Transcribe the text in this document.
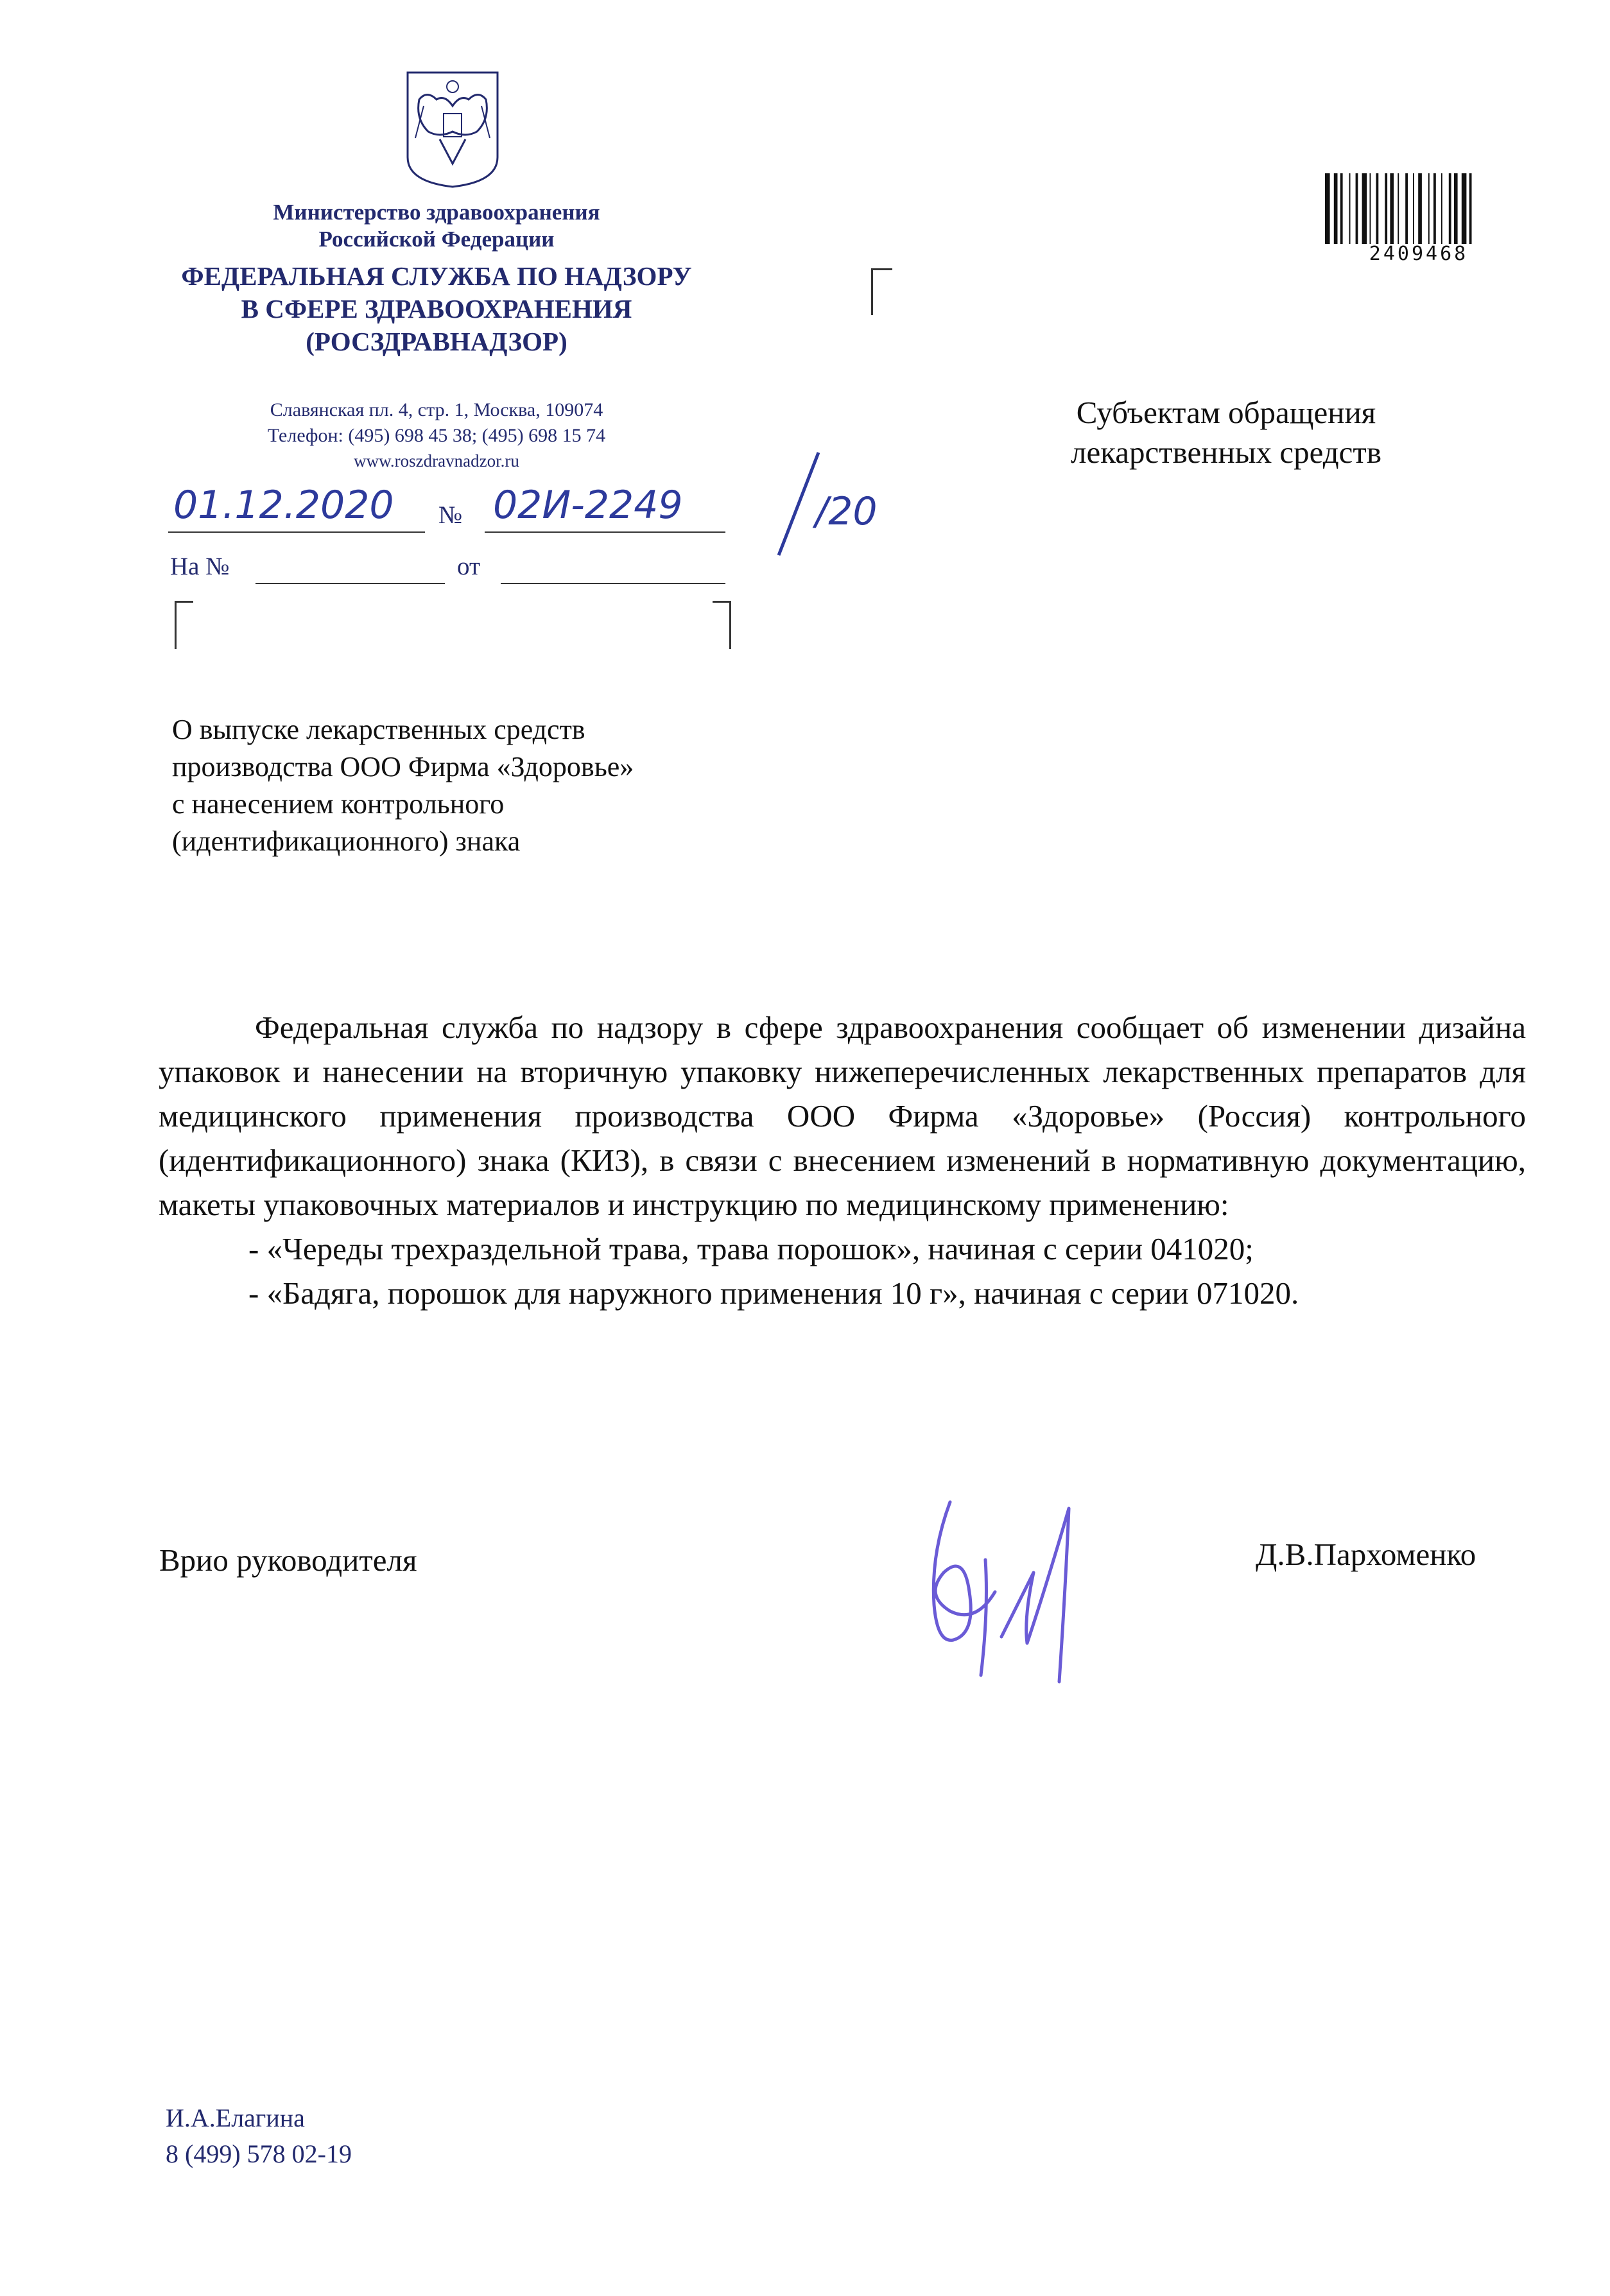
Министерство здравоохранения
Российской Федерации
ФЕДЕРАЛЬНАЯ СЛУЖБА ПО НАДЗОРУ
В СФЕРЕ ЗДРАВООХРАНЕНИЯ
(РОСЗДРАВНАДЗОР)
Славянская пл. 4, стр. 1, Москва, 109074
Телефон: (495) 698 45 38; (495) 698 15 74
www.roszdravnadzor.ru
2409468
Субъектам обращения
лекарственных средств
01.12.2020 № 02И-2249	/20
На №	от
О выпуске лекарственных средств
производства ООО Фирма «Здоровье»
с нанесением контрольного
(идентификационного) знака

Федеральная служба по надзору в сфере здравоохранения сообщает об изменении дизайна упаковок и нанесении на вторичную упаковку нижеперечисленных лекарственных препаратов для медицинского применения производства ООО Фирма «Здоровье» (Россия) контрольного (идентификационного) знака (КИЗ), в связи с внесением изменений в нормативную документацию, макеты упаковочных материалов и инструкцию по медицинскому применению:

- «Череды трехраздельной трава, трава порошок», начиная с серии 041020;

- «Бадяга, порошок для наружного применения 10 г», начиная с серии 071020.

Врио руководителя	Д.В.Пархоменко
И.А.Елагина
8 (499) 578 02-19
